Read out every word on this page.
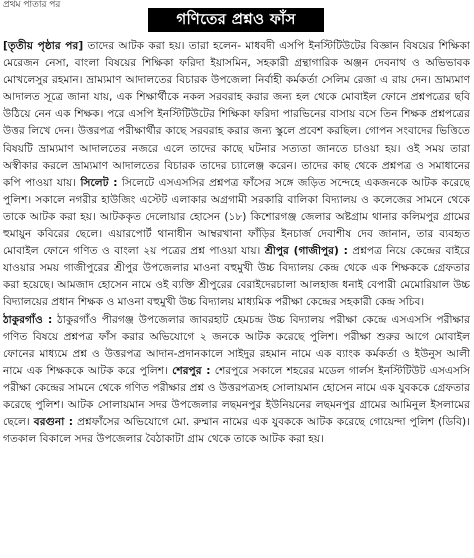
প্রথম পাতার পর
গণিতের প্রশ্নও ফাঁস

[তৃতীয় পৃষ্ঠার পর] তাদের আটক করা হয়। তারা হলেন- মাধবদী এসপি ইনস্টিটিউটের বিজ্ঞান বিষয়ের শিক্ষিকা মেরেজন নেসা, বাংলা বিষয়ের শিক্ষিকা ফরিদা ইয়াসমিন, সহকারী গ্রন্থাগারিক অঞ্জন দেবনাথ ও অভিভাবক মোখলেসুর রহমান। ভ্রাম্যমাণ আদালতের বিচারক উপজেলা নির্বাহী কর্মকর্তা সেলিম রেজা এ রায় দেন। ভ্রাম্যমাণ আদালত সূত্রে জানা যায়, এক শিক্ষার্থীকে নকল সরবরাহ করার জন্য হল থেকে মোবাইল ফোনে প্রশ্নপত্রের ছবি উঠিয়ে নেন এক শিক্ষক। পরে এসপি ইনস্টিটিউটের শিক্ষিকা ফরিদা পারভিনের বাসায় বসে তিন শিক্ষক প্রশ্নপত্রের উত্তর লিখে দেন। উত্তরপত্র পরীক্ষার্থীর কাছে সরবরাহ করার জন্য স্কুলে প্রবেশ করছিল। গোপন সংবাদের ভিত্তিতে বিষয়টি ভ্রাম্যমাণ আদালতের নজরে এলে তাদের কাছে ঘটনার সত্যতা জানতে চাওয়া হয়। ওই সময় তারা অস্বীকার করলে ভ্রাম্যমাণ আদালতের বিচারক তাদের চ্যালেঞ্জ করেন। তাদের কাছ থেকে প্রশ্নপত্র ও সমাধানের কপি পাওয়া যায়। সিলেট : সিলেটে এসএসসির প্রশ্নপত্র ফাঁসের সঙ্গে জড়িত সন্দেহে একজনকে আটক করেছে পুলিশ। সকালে নগরীর হাউজিং এস্টেট এলাকার অগ্রগামী সরকারি বালিকা বিদ্যালয় ও কলেজের সামনে থেকে তাকে আটক করা হয়। আটককৃত দেলোয়ার হোসেন (১৮) কিশোরগঞ্জ জেলার অষ্টগ্রাম থানার কলিমপুর গ্রামের হুমায়ুন কবিরের ছেলে। এয়ারপোর্ট থানাধীন আম্বরখানা ফাঁড়ির ইনচার্জ দেবাশীষ দেব জানান, তার ব্যবহৃত মোবাইল ফোনে গণিত ও বাংলা ২য় পত্রের প্রশ্ন পাওয়া যায়। শ্রীপুর (গাজীপুর) : প্রশ্নপত্র নিয়ে কেন্দ্রের বাইরে যাওয়ার সময় গাজীপুরের শ্রীপুর উপজেলার মাওনা বহুমুখী উচ্চ বিদ্যালয় কেন্দ্র থেকে এক শিক্ষককে গ্রেফতার করা হয়েছে। আমজাদ হোসেন নামে ওই ব্যক্তি শ্রীপুরের বেরাইদেরচালা আলহাজ ধনাই বেপারী মেমোরিয়াল উচ্চ বিদ্যালয়ের প্রধান শিক্ষক ও মাওনা বহুমুখী উচ্চ বিদ্যালয় মাধ্যমিক পরীক্ষা কেন্দ্রের সহকারী কেন্দ্র সচিব।

ঠাকুরগাঁও : ঠাকুরগাঁও পীরগঞ্জ উপজেলার জাবরহাট হেমচন্দ্র উচ্চ বিদ্যালয় পরীক্ষা কেন্দ্রে এসএসসি পরীক্ষার গণিত বিষয়ে প্রশ্নপত্র ফাঁস করার অভিযোগে ২ জনকে আটক করেছে পুলিশ। পরীক্ষা শুরুর আগে মোবাইল ফোনের মাধ্যমে প্রশ্ন ও উত্তরপত্র আদান-প্রদানকালে সাইদুর রহমান নামে এক ব্যাংক কর্মকর্তা ও ইউনুস আলী নামে এক শিক্ষককে আটক করে পুলিশ। শেরপুর : শেরপুরে সকালে শহরের মডেল গার্লস ইনস্টিটিউট এসএসসি পরীক্ষা কেন্দ্রের সামনে থেকে গণিত পরীক্ষার প্রশ্ন ও উত্তরপত্রসহ সোলায়মান হোসেন নামে এক যুবককে গ্রেফতার করেছে পুলিশ। আটক সোলায়মান সদর উপজেলার লছমনপুর ইউনিয়নের লছমনপুর গ্রামের আমিনুল ইসলামের ছেলে। বরগুনা : প্রশ্নফাঁসের অভিযোগে মো. রুম্মান নামের এক যুবককে আটক করেছে গোয়েন্দা পুলিশ (ডিবি)। গতকাল বিকালে সদর উপজেলার বৈঠাকাটা গ্রাম থেকে তাকে আটক করা হয়।
